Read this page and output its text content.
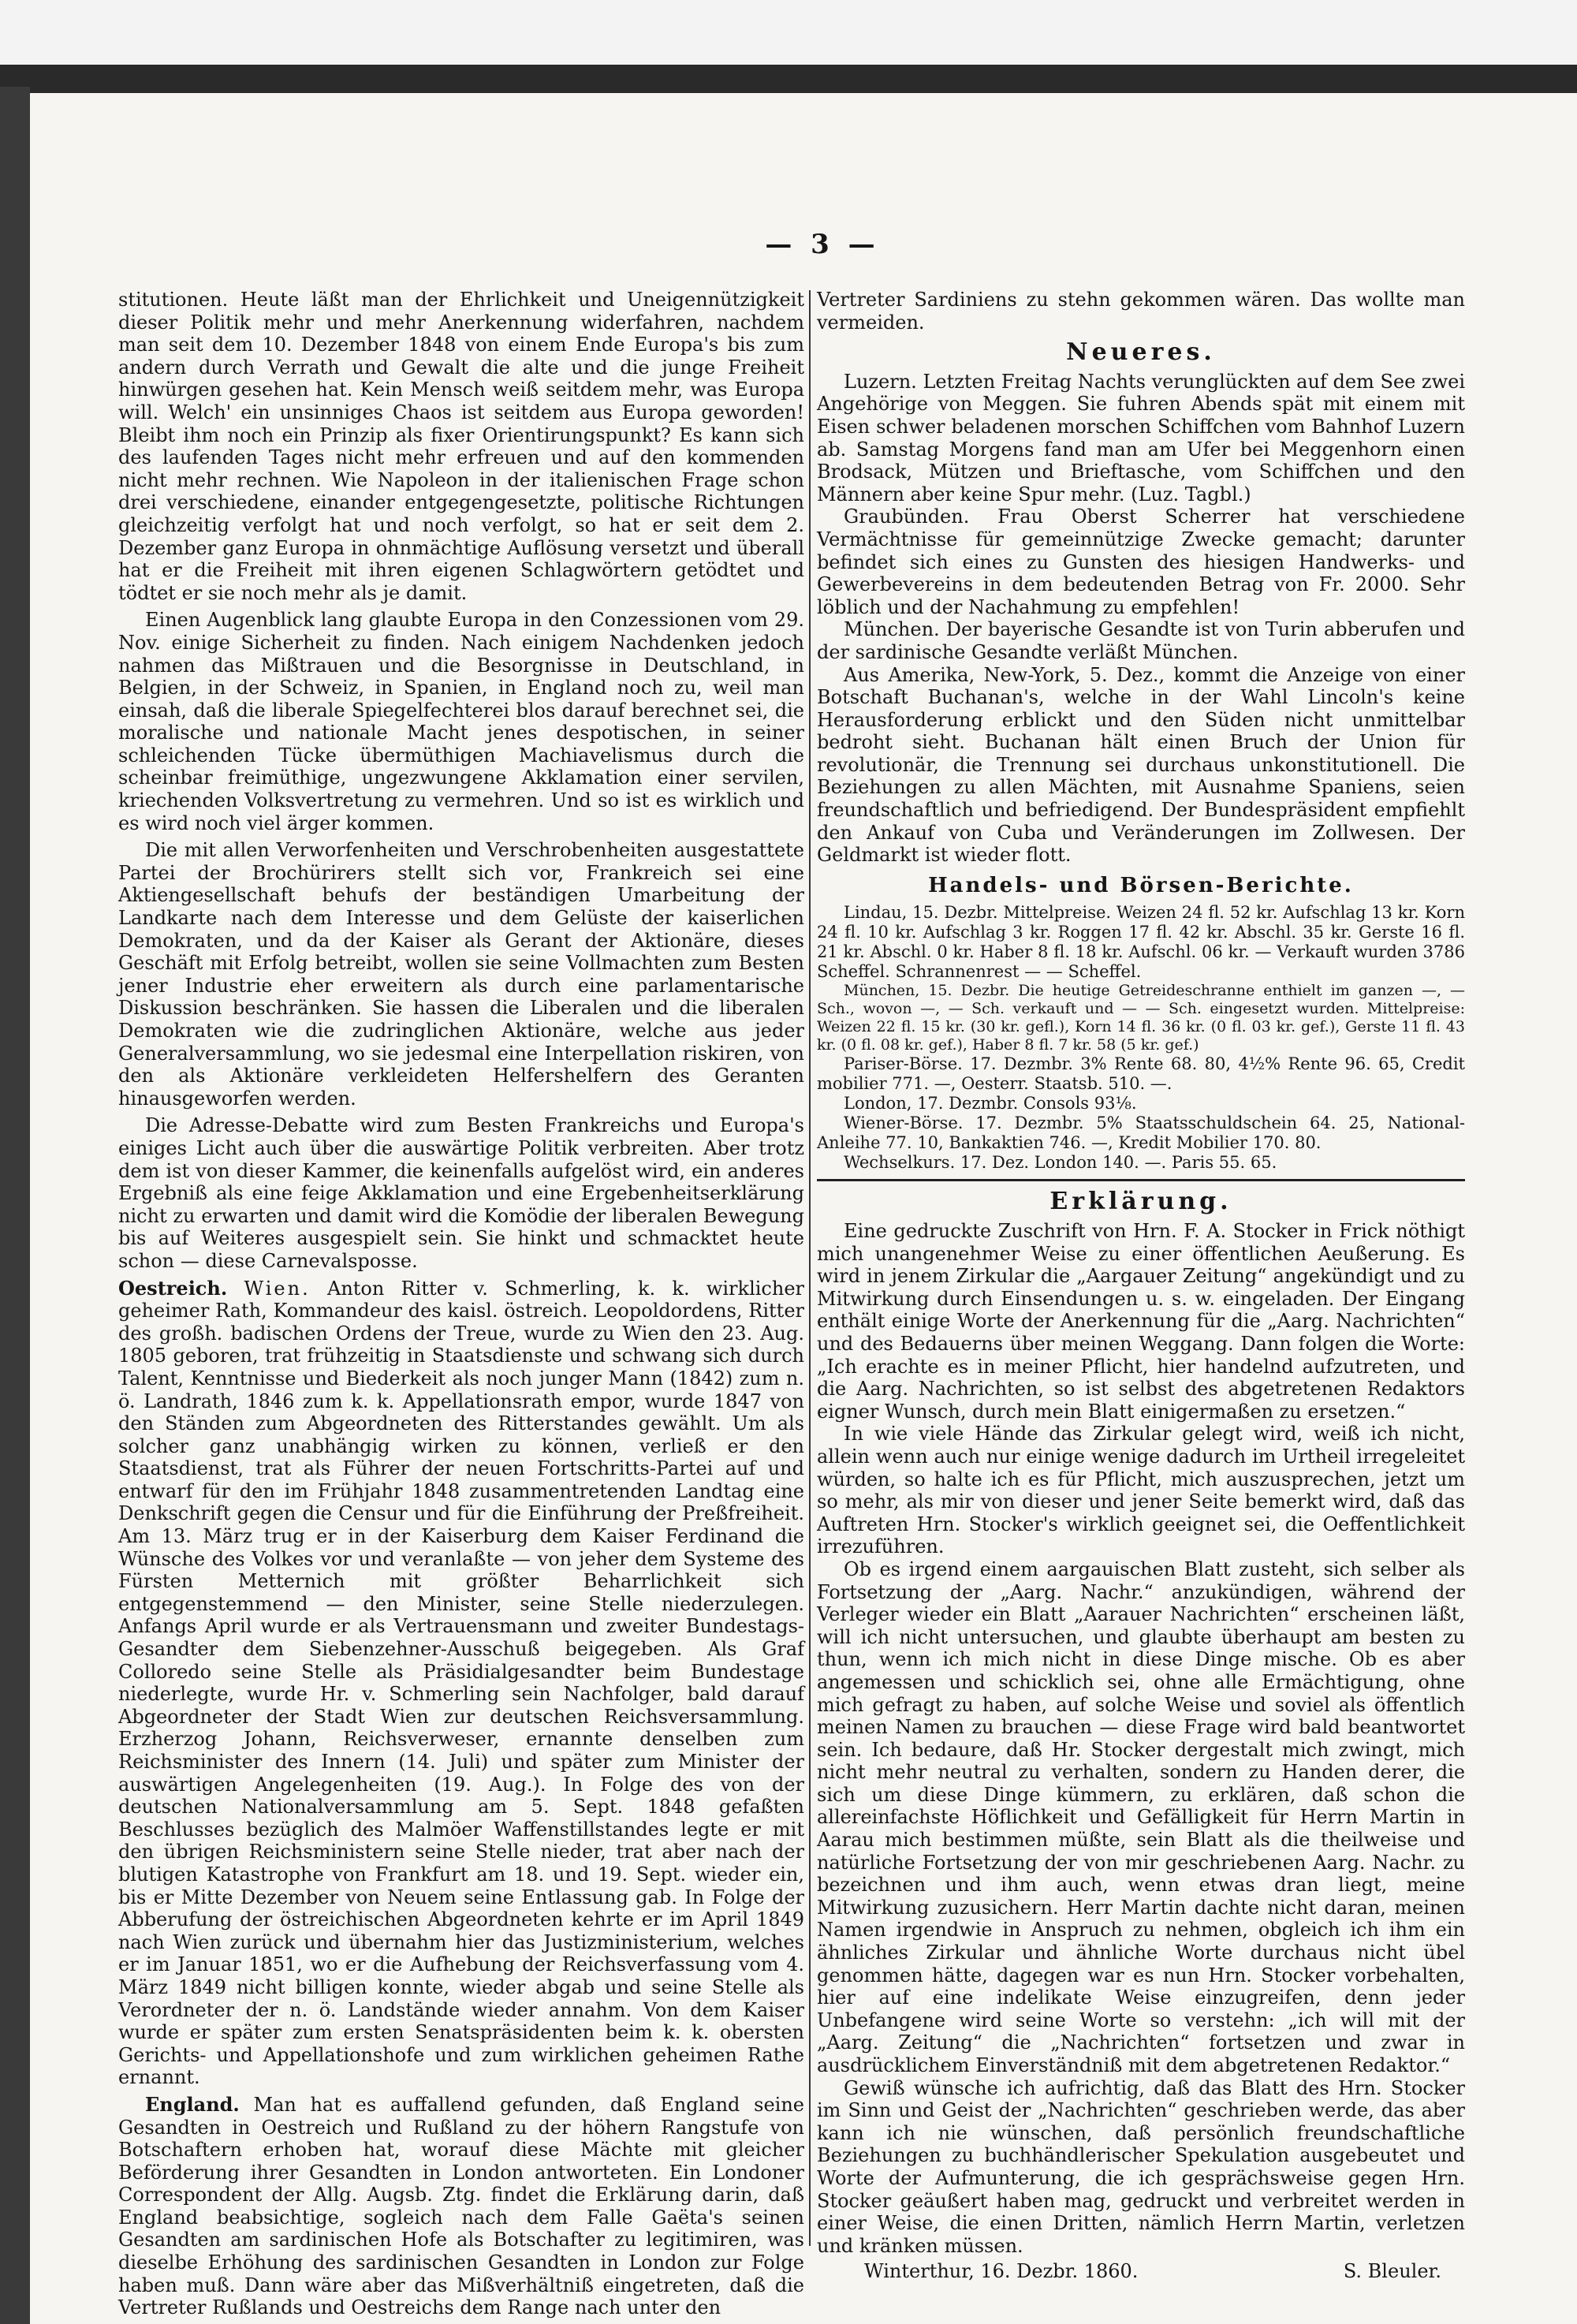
— 3 —

stitutionen. Heute läßt man der Ehrlichkeit und Uneigennützigkeit dieser Politik mehr und mehr Anerkennung widerfahren, nachdem man seit dem 10. Dezember 1848 von einem Ende Europa's bis zum andern durch Verrath und Gewalt die alte und die junge Freiheit hinwürgen gesehen hat. Kein Mensch weiß seitdem mehr, was Europa will. Welch' ein unsinniges Chaos ist seitdem aus Europa geworden! Bleibt ihm noch ein Prinzip als fixer Orientirungspunkt? Es kann sich des laufenden Tages nicht mehr erfreuen und auf den kommenden nicht mehr rechnen. Wie Napoleon in der italienischen Frage schon drei verschiedene, einander entgegengesetzte, politische Richtungen gleichzeitig verfolgt hat und noch verfolgt, so hat er seit dem 2. Dezember ganz Europa in ohnmächtige Auflösung versetzt und überall hat er die Freiheit mit ihren eigenen Schlagwörtern getödtet und tödtet er sie noch mehr als je damit.

Einen Augenblick lang glaubte Europa in den Conzessionen vom 29. Nov. einige Sicherheit zu finden. Nach einigem Nachdenken jedoch nahmen das Mißtrauen und die Besorgnisse in Deutschland, in Belgien, in der Schweiz, in Spanien, in England noch zu, weil man einsah, daß die liberale Spiegelfechterei blos darauf berechnet sei, die moralische und nationale Macht jenes despotischen, in seiner schleichenden Tücke übermüthigen Machiavelismus durch die scheinbar freimüthige, ungezwungene Akklamation einer servilen, kriechenden Volksvertretung zu vermehren. Und so ist es wirklich und es wird noch viel ärger kommen.

Die mit allen Verworfenheiten und Verschrobenheiten ausgestattete Partei der Brochürirers stellt sich vor, Frankreich sei eine Aktiengesellschaft behufs der beständigen Umarbeitung der Landkarte nach dem Interesse und dem Gelüste der kaiserlichen Demokraten, und da der Kaiser als Gerant der Aktionäre, dieses Geschäft mit Erfolg betreibt, wollen sie seine Vollmachten zum Besten jener Industrie eher erweitern als durch eine parlamentarische Diskussion beschränken. Sie hassen die Liberalen und die liberalen Demokraten wie die zudringlichen Aktionäre, welche aus jeder Generalversammlung, wo sie jedesmal eine Interpellation riskiren, von den als Aktionäre verkleideten Helfershelfern des Geranten hinausgeworfen werden.

Die Adresse-Debatte wird zum Besten Frankreichs und Europa's einiges Licht auch über die auswärtige Politik verbreiten. Aber trotz dem ist von dieser Kammer, die keinenfalls aufgelöst wird, ein anderes Ergebniß als eine feige Akklamation und eine Ergebenheitserklärung nicht zu erwarten und damit wird die Komödie der liberalen Bewegung bis auf Weiteres ausgespielt sein. Sie hinkt und schmacktet heute schon — diese Carnevalsposse.

Oestreich. Wien. Anton Ritter v. Schmerling, k. k. wirklicher geheimer Rath, Kommandeur des kaisl. östreich. Leopoldordens, Ritter des großh. badischen Ordens der Treue, wurde zu Wien den 23. Aug. 1805 geboren, trat frühzeitig in Staatsdienste und schwang sich durch Talent, Kenntnisse und Biederkeit als noch junger Mann (1842) zum n. ö. Landrath, 1846 zum k. k. Appellationsrath empor, wurde 1847 von den Ständen zum Abgeordneten des Ritterstandes gewählt. Um als solcher ganz unabhängig wirken zu können, verließ er den Staatsdienst, trat als Führer der neuen Fortschritts-Partei auf und entwarf für den im Frühjahr 1848 zusammentretenden Landtag eine Denkschrift gegen die Censur und für die Einführung der Preßfreiheit. Am 13. März trug er in der Kaiserburg dem Kaiser Ferdinand die Wünsche des Volkes vor und veranlaßte — von jeher dem Systeme des Fürsten Metternich mit größter Beharrlichkeit sich entgegenstemmend — den Minister, seine Stelle niederzulegen. Anfangs April wurde er als Vertrauensmann und zweiter Bundestags-Gesandter dem Siebenzehner-Ausschuß beigegeben. Als Graf Colloredo seine Stelle als Präsidialgesandter beim Bundestage niederlegte, wurde Hr. v. Schmerling sein Nachfolger, bald darauf Abgeordneter der Stadt Wien zur deutschen Reichsversammlung. Erzherzog Johann, Reichsverweser, ernannte denselben zum Reichsminister des Innern (14. Juli) und später zum Minister der auswärtigen Angelegenheiten (19. Aug.). In Folge des von der deutschen Nationalversammlung am 5. Sept. 1848 gefaßten Beschlusses bezüglich des Malmöer Waffenstillstandes legte er mit den übrigen Reichsministern seine Stelle nieder, trat aber nach der blutigen Katastrophe von Frankfurt am 18. und 19. Sept. wieder ein, bis er Mitte Dezember von Neuem seine Entlassung gab. In Folge der Abberufung der östreichischen Abgeordneten kehrte er im April 1849 nach Wien zurück und übernahm hier das Justizministerium, welches er im Januar 1851, wo er die Aufhebung der Reichsverfassung vom 4. März 1849 nicht billigen konnte, wieder abgab und seine Stelle als Verordneter der n. ö. Landstände wieder annahm. Von dem Kaiser wurde er später zum ersten Senatspräsidenten beim k. k. obersten Gerichts- und Appellationshofe und zum wirklichen geheimen Rathe ernannt.

England. Man hat es auffallend gefunden, daß England seine Gesandten in Oestreich und Rußland zu der höhern Rangstufe von Botschaftern erhoben hat, worauf diese Mächte mit gleicher Beförderung ihrer Gesandten in London antworteten. Ein Londoner Correspondent der Allg. Augsb. Ztg. findet die Erklärung darin, daß England beabsichtige, sogleich nach dem Falle Gaëta's seinen Gesandten am sardinischen Hofe als Botschafter zu legitimiren, was dieselbe Erhöhung des sardinischen Gesandten in London zur Folge haben muß. Dann wäre aber das Mißverhältniß eingetreten, daß die Vertreter Rußlands und Oestreichs dem Range nach unter den

Vertreter Sardiniens zu stehn gekommen wären. Das wollte man vermeiden.

Neueres.

Luzern. Letzten Freitag Nachts verunglückten auf dem See zwei Angehörige von Meggen. Sie fuhren Abends spät mit einem mit Eisen schwer beladenen morschen Schiffchen vom Bahnhof Luzern ab. Samstag Morgens fand man am Ufer bei Meggenhorn einen Brodsack, Mützen und Brieftasche, vom Schiffchen und den Männern aber keine Spur mehr. (Luz. Tagbl.)

Graubünden. Frau Oberst Scherrer hat verschiedene Vermächtnisse für gemeinnützige Zwecke gemacht; darunter befindet sich eines zu Gunsten des hiesigen Handwerks- und Gewerbevereins in dem bedeutenden Betrag von Fr. 2000. Sehr löblich und der Nachahmung zu empfehlen!

München. Der bayerische Gesandte ist von Turin abberufen und der sardinische Gesandte verläßt München.

Aus Amerika, New-York, 5. Dez., kommt die Anzeige von einer Botschaft Buchanan's, welche in der Wahl Lincoln's keine Herausforderung erblickt und den Süden nicht unmittelbar bedroht sieht. Buchanan hält einen Bruch der Union für revolutionär, die Trennung sei durchaus unkonstitutionell. Die Beziehungen zu allen Mächten, mit Ausnahme Spaniens, seien freundschaftlich und befriedigend. Der Bundespräsident empfiehlt den Ankauf von Cuba und Veränderungen im Zollwesen. Der Geldmarkt ist wieder flott.

Handels- und Börsen-Berichte.

Lindau, 15. Dezbr. Mittelpreise. Weizen 24 fl. 52 kr. Aufschlag 13 kr. Korn 24 fl. 10 kr. Aufschlag 3 kr. Roggen 17 fl. 42 kr. Abschl. 35 kr. Gerste 16 fl. 21 kr. Abschl. 0 kr. Haber 8 fl. 18 kr. Aufschl. 06 kr. — Verkauft wurden 3786 Scheffel. Schrannenrest — — Scheffel.

München, 15. Dezbr. Die heutige Getreideschranne enthielt im ganzen —, — Sch., wovon —, — Sch. verkauft und — — Sch. eingesetzt wurden. Mittelpreise: Weizen 22 fl. 15 kr. (30 kr. gefl.), Korn 14 fl. 36 kr. (0 fl. 03 kr. gef.), Gerste 11 fl. 43 kr. (0 fl. 08 kr. gef.), Haber 8 fl. 7 kr. 58 (5 kr. gef.)

Pariser-Börse. 17. Dezmbr. 3% Rente 68. 80, 4½% Rente 96. 65, Credit mobilier 771. —, Oesterr. Staatsb. 510. —.

London, 17. Dezmbr. Consols 93⅛.

Wiener-Börse. 17. Dezmbr. 5% Staatsschuldschein 64. 25, National-Anleihe 77. 10, Bankaktien 746. —, Kredit Mobilier 170. 80.

Wechselkurs. 17. Dez. London 140. —. Paris 55. 65.

Erklärung.

Eine gedruckte Zuschrift von Hrn. F. A. Stocker in Frick nöthigt mich unangenehmer Weise zu einer öffentlichen Aeußerung. Es wird in jenem Zirkular die „Aargauer Zeitung“ angekündigt und zu Mitwirkung durch Einsendungen u. s. w. eingeladen. Der Eingang enthält einige Worte der Anerkennung für die „Aarg. Nachrichten“ und des Bedauerns über meinen Weggang. Dann folgen die Worte: „Ich erachte es in meiner Pflicht, hier handelnd aufzutreten, und die Aarg. Nachrichten, so ist selbst des abgetretenen Redaktors eigner Wunsch, durch mein Blatt einigermaßen zu ersetzen.“

In wie viele Hände das Zirkular gelegt wird, weiß ich nicht, allein wenn auch nur einige wenige dadurch im Urtheil irregeleitet würden, so halte ich es für Pflicht, mich auszusprechen, jetzt um so mehr, als mir von dieser und jener Seite bemerkt wird, daß das Auftreten Hrn. Stocker's wirklich geeignet sei, die Oeffentlichkeit irrezuführen.

Ob es irgend einem aargauischen Blatt zusteht, sich selber als Fortsetzung der „Aarg. Nachr.“ anzukündigen, während der Verleger wieder ein Blatt „Aarauer Nachrichten“ erscheinen läßt, will ich nicht untersuchen, und glaubte überhaupt am besten zu thun, wenn ich mich nicht in diese Dinge mische. Ob es aber angemessen und schicklich sei, ohne alle Ermächtigung, ohne mich gefragt zu haben, auf solche Weise und soviel als öffentlich meinen Namen zu brauchen — diese Frage wird bald beantwortet sein. Ich bedaure, daß Hr. Stocker dergestalt mich zwingt, mich nicht mehr neutral zu verhalten, sondern zu Handen derer, die sich um diese Dinge kümmern, zu erklären, daß schon die allereinfachste Höflichkeit und Gefälligkeit für Herrn Martin in Aarau mich bestimmen müßte, sein Blatt als die theilweise und natürliche Fortsetzung der von mir geschriebenen Aarg. Nachr. zu bezeichnen und ihm auch, wenn etwas dran liegt, meine Mitwirkung zuzusichern. Herr Martin dachte nicht daran, meinen Namen irgendwie in Anspruch zu nehmen, obgleich ich ihm ein ähnliches Zirkular und ähnliche Worte durchaus nicht übel genommen hätte, dagegen war es nun Hrn. Stocker vorbehalten, hier auf eine indelikate Weise einzugreifen, denn jeder Unbefangene wird seine Worte so verstehn: „ich will mit der „Aarg. Zeitung“ die „Nachrichten“ fortsetzen und zwar in ausdrücklichem Einverständniß mit dem abgetretenen Redaktor.“

Gewiß wünsche ich aufrichtig, daß das Blatt des Hrn. Stocker im Sinn und Geist der „Nachrichten“ geschrieben werde, das aber kann ich nie wünschen, daß persönlich freundschaftliche Beziehungen zu buchhändlerischer Spekulation ausgebeutet und Worte der Aufmunterung, die ich gesprächsweise gegen Hrn. Stocker geäußert haben mag, gedruckt und verbreitet werden in einer Weise, die einen Dritten, nämlich Herrn Martin, verletzen und kränken müssen.

Winterthur, 16. Dezbr. 1860.	S. Bleuler.
